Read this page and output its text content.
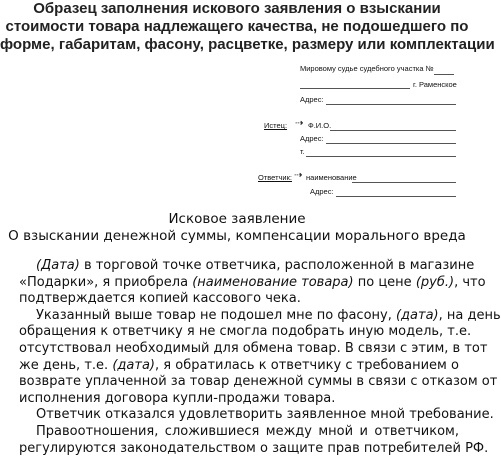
Образец заполнения искового заявления о взыскании
стоимости товара надлежащего качества, не подошедшего по
форме, габаритам, фасону, расцветке, размеру или комплектации
Мировому судье судебного участка №
г. Раменское
Адрес:
Истец: ⇢ Ф.И.О.
Адрес:
т.
Ответчик: ⇢ наименование
Адрес:
Исковое заявление
О взыскании денежной суммы, компенсации морального вреда

(Дата) в торговой точке ответчика, расположенной в магазине
«Подарки», я приобрела (наименование товара) по цене (руб.), что
подтверждается копией кассового чека.

Указанный выше товар не подошел мне по фасону, (дата), на день
обращения к ответчику я не смогла подобрать иную модель, т.е.
отсутствовал необходимый для обмена товар. В связи с этим, в тот
же день, т.е. (дата), я обратилась к ответчику с требованием о
возврате уплаченной за товар денежной суммы в связи с отказом от
исполнения договора купли-продажи товара.

Ответчик отказался удовлетворить заявленное мной требование.

Правоотношения, сложившиеся между мной и ответчиком,
регулируются законодательством о защите прав потребителей РФ.
